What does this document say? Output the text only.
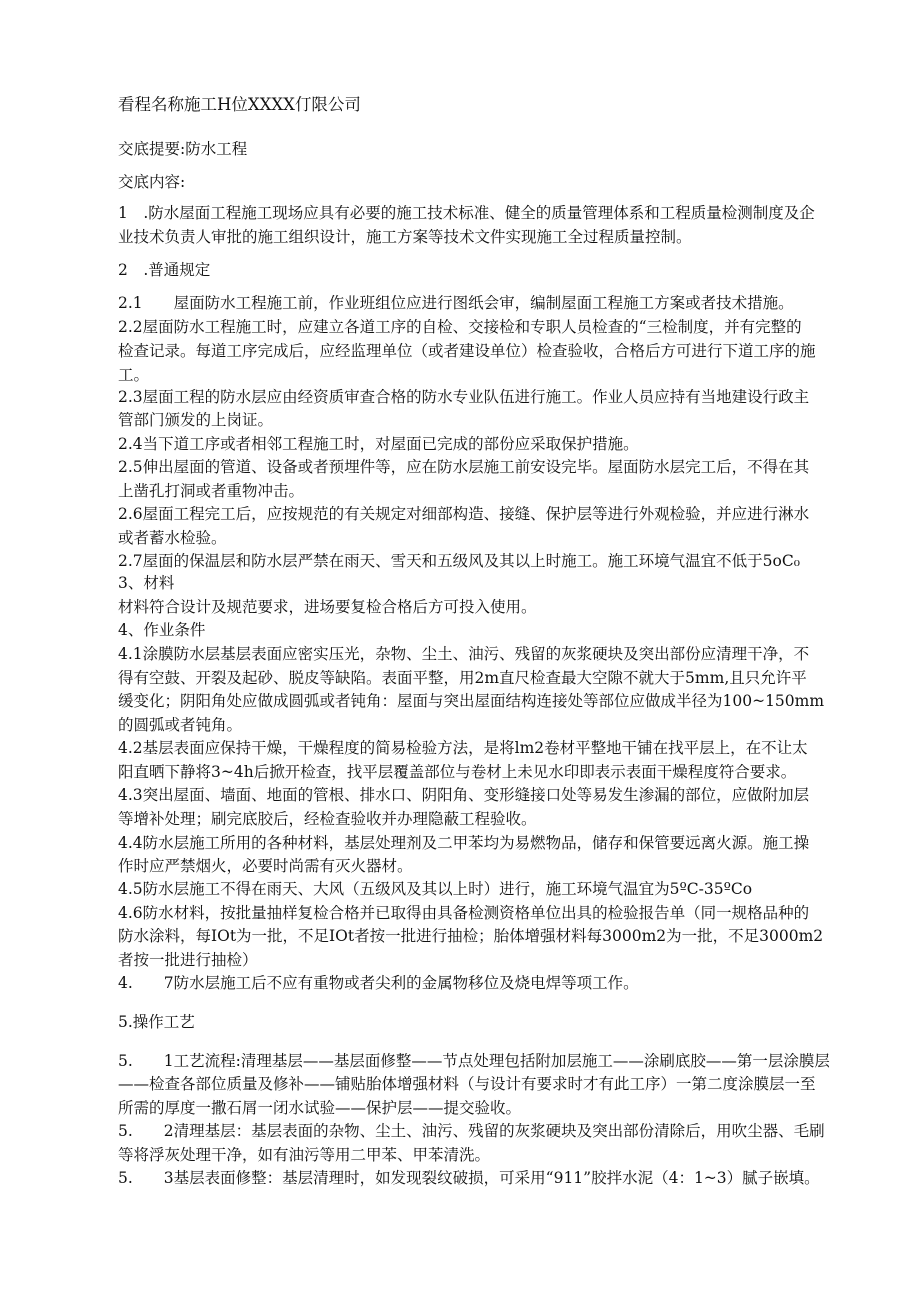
看程名称施工H位XXXX仃限公司
交底提要:防水工程
交底内容:
1　.防水屋面工程施工现场应具有必要的施工技术标准、健全的质量管理体系和工程质量检测制度及企
业技术负责人审批的施工组织设计，施工方案等技术文件实现施工全过程质量控制。
2　.普通规定
2.1　　屋面防水工程施工前，作业班组位应进行图纸会审，编制屋面工程施工方案或者技术措施。
2.2屋面防水工程施工时，应建立各道工序的自检、交接检和专职人员检查的“三检制度，并有完整的
检查记录。每道工序完成后，应经监理单位（或者建设单位）检查验收，合格后方可进行下道工序的施
工。
2.3屋面工程的防水层应由经资质审查合格的防水专业队伍进行施工。作业人员应持有当地建设行政主
管部门颁发的上岗证。
2.4当下道工序或者相邻工程施工时，对屋面已完成的部份应采取保护措施。
2.5伸出屋面的管道、设备或者预埋件等，应在防水层施工前安设完毕。屋面防水层完工后，不得在其
上凿孔打洞或者重物冲击。
2.6屋面工程完工后，应按规范的有关规定对细部构造、接缝、保护层等进行外观检验，并应进行淋水
或者蓄水检验。
2.7屋面的保温层和防水层严禁在雨天、雪天和五级风及其以上时施工。施工环境气温宜不低于5oC₀
3、材料
材料符合设计及规范要求，进场要复检合格后方可投入使用。
4、作业条件
4.1涂膜防水层基层表面应密实压光，杂物、尘土、油污、残留的灰浆硬块及突出部份应清理干净，不
得有空鼓、开裂及起砂、脱皮等缺陷。表面平整，用2m直尺检查最大空隙不就大于5mm,且只允许平
缓变化；阴阳角处应做成圆弧或者钝角：屋面与突出屋面结构连接处等部位应做成半径为100~150mm
的圆弧或者钝角。
4.2基层表面应保持干燥，干燥程度的简易检验方法，是将lm2卷材平整地干铺在找平层上，在不让太
阳直晒下静将3~4h后掀开检查，找平层覆盖部位与卷材上未见水印即表示表面干燥程度符合要求。
4.3突出屋面、墙面、地面的管根、排水口、阴阳角、变形缝接口处等易发生渗漏的部位，应做附加层
等增补处理；刷完底胶后，经检查验收并办理隐蔽工程验收。
4.4防水层施工所用的各种材料，基层处理剂及二甲苯均为易燃物品，储存和保管要远离火源。施工操
作时应严禁烟火，必要时尚需有灭火器材。
4.5防水层施工不得在雨天、大风（五级风及其以上时）进行，施工环境气温宜为5ºC-35ºCo
4.6防水材料，按批量抽样复检合格并已取得由具备检测资格单位出具的检验报告单（同一规格品种的
防水涂料，每IOt为一批，不足IOt者按一批进行抽检；胎体增强材料每3000m2为一批，不足3000m2
者按一批进行抽检）
4.　　7防水层施工后不应有重物或者尖利的金属物移位及烧电焊等项工作。
5.操作工艺
5.　　1工艺流程:清理基层——基层面修整——节点处理包括附加层施工——涂刷底胶——第一层涂膜层
——检查各部位质量及修补——铺贴胎体增强材料（与设计有要求时才有此工序）一第二度涂膜层一至
所需的厚度一撒石屑一闭水试验——保护层——提交验收。
5.　　2清理基层：基层表面的杂物、尘土、油污、残留的灰浆硬块及突出部份清除后，用吹尘器、毛刷
等将浮灰处理干净，如有油污等用二甲苯、甲苯清洗。
5.　　3基层表面修整：基层清理时，如发现裂纹破损，可采用“911”胶拌水泥（4：1~3）腻子嵌填。
